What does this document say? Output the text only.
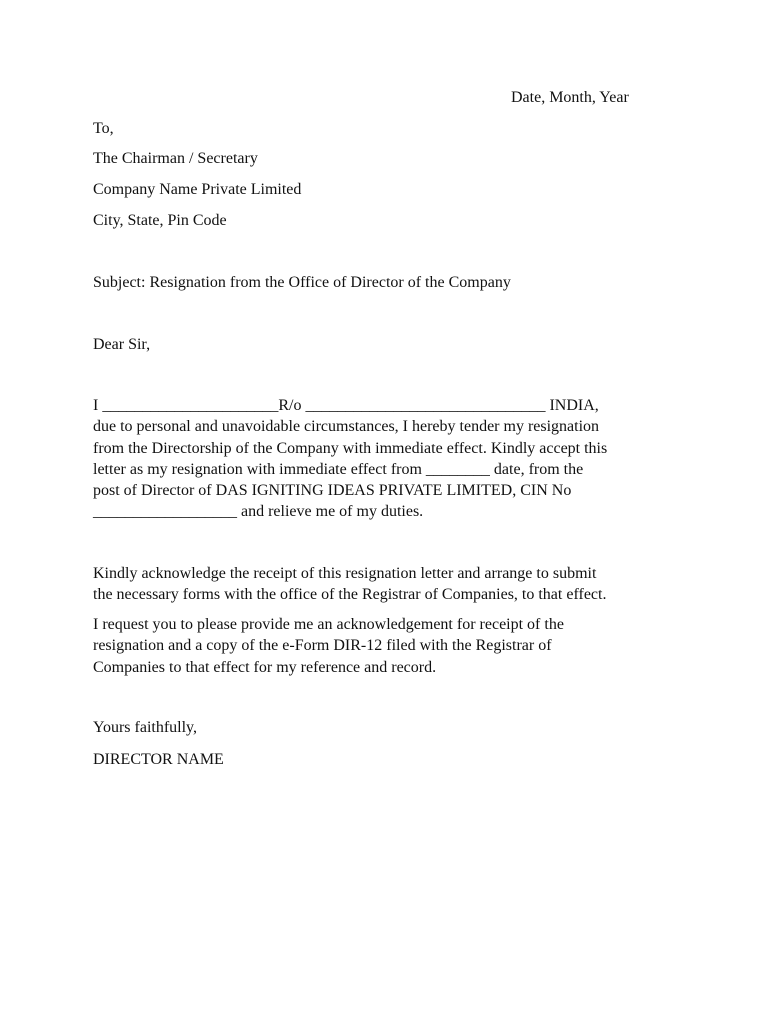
Date, Month, Year
To,
The Chairman / Secretary
Company Name Private Limited
City, State, Pin Code
Subject: Resignation from the Office of Director of the Company
Dear Sir,
I ______________________R/o ______________________________ INDIA,
due to personal and unavoidable circumstances, I hereby tender my resignation
from the Directorship of the Company with immediate effect. Kindly accept this
letter as my resignation with immediate effect from ________ date, from the
post of Director of DAS IGNITING IDEAS PRIVATE LIMITED, CIN No
__________________ and relieve me of my duties.
Kindly acknowledge the receipt of this resignation letter and arrange to submit
the necessary forms with the office of the Registrar of Companies, to that effect.
I request you to please provide me an acknowledgement for receipt of the
resignation and a copy of the e-Form DIR-12 filed with the Registrar of
Companies to that effect for my reference and record.
Yours faithfully,
DIRECTOR NAME
